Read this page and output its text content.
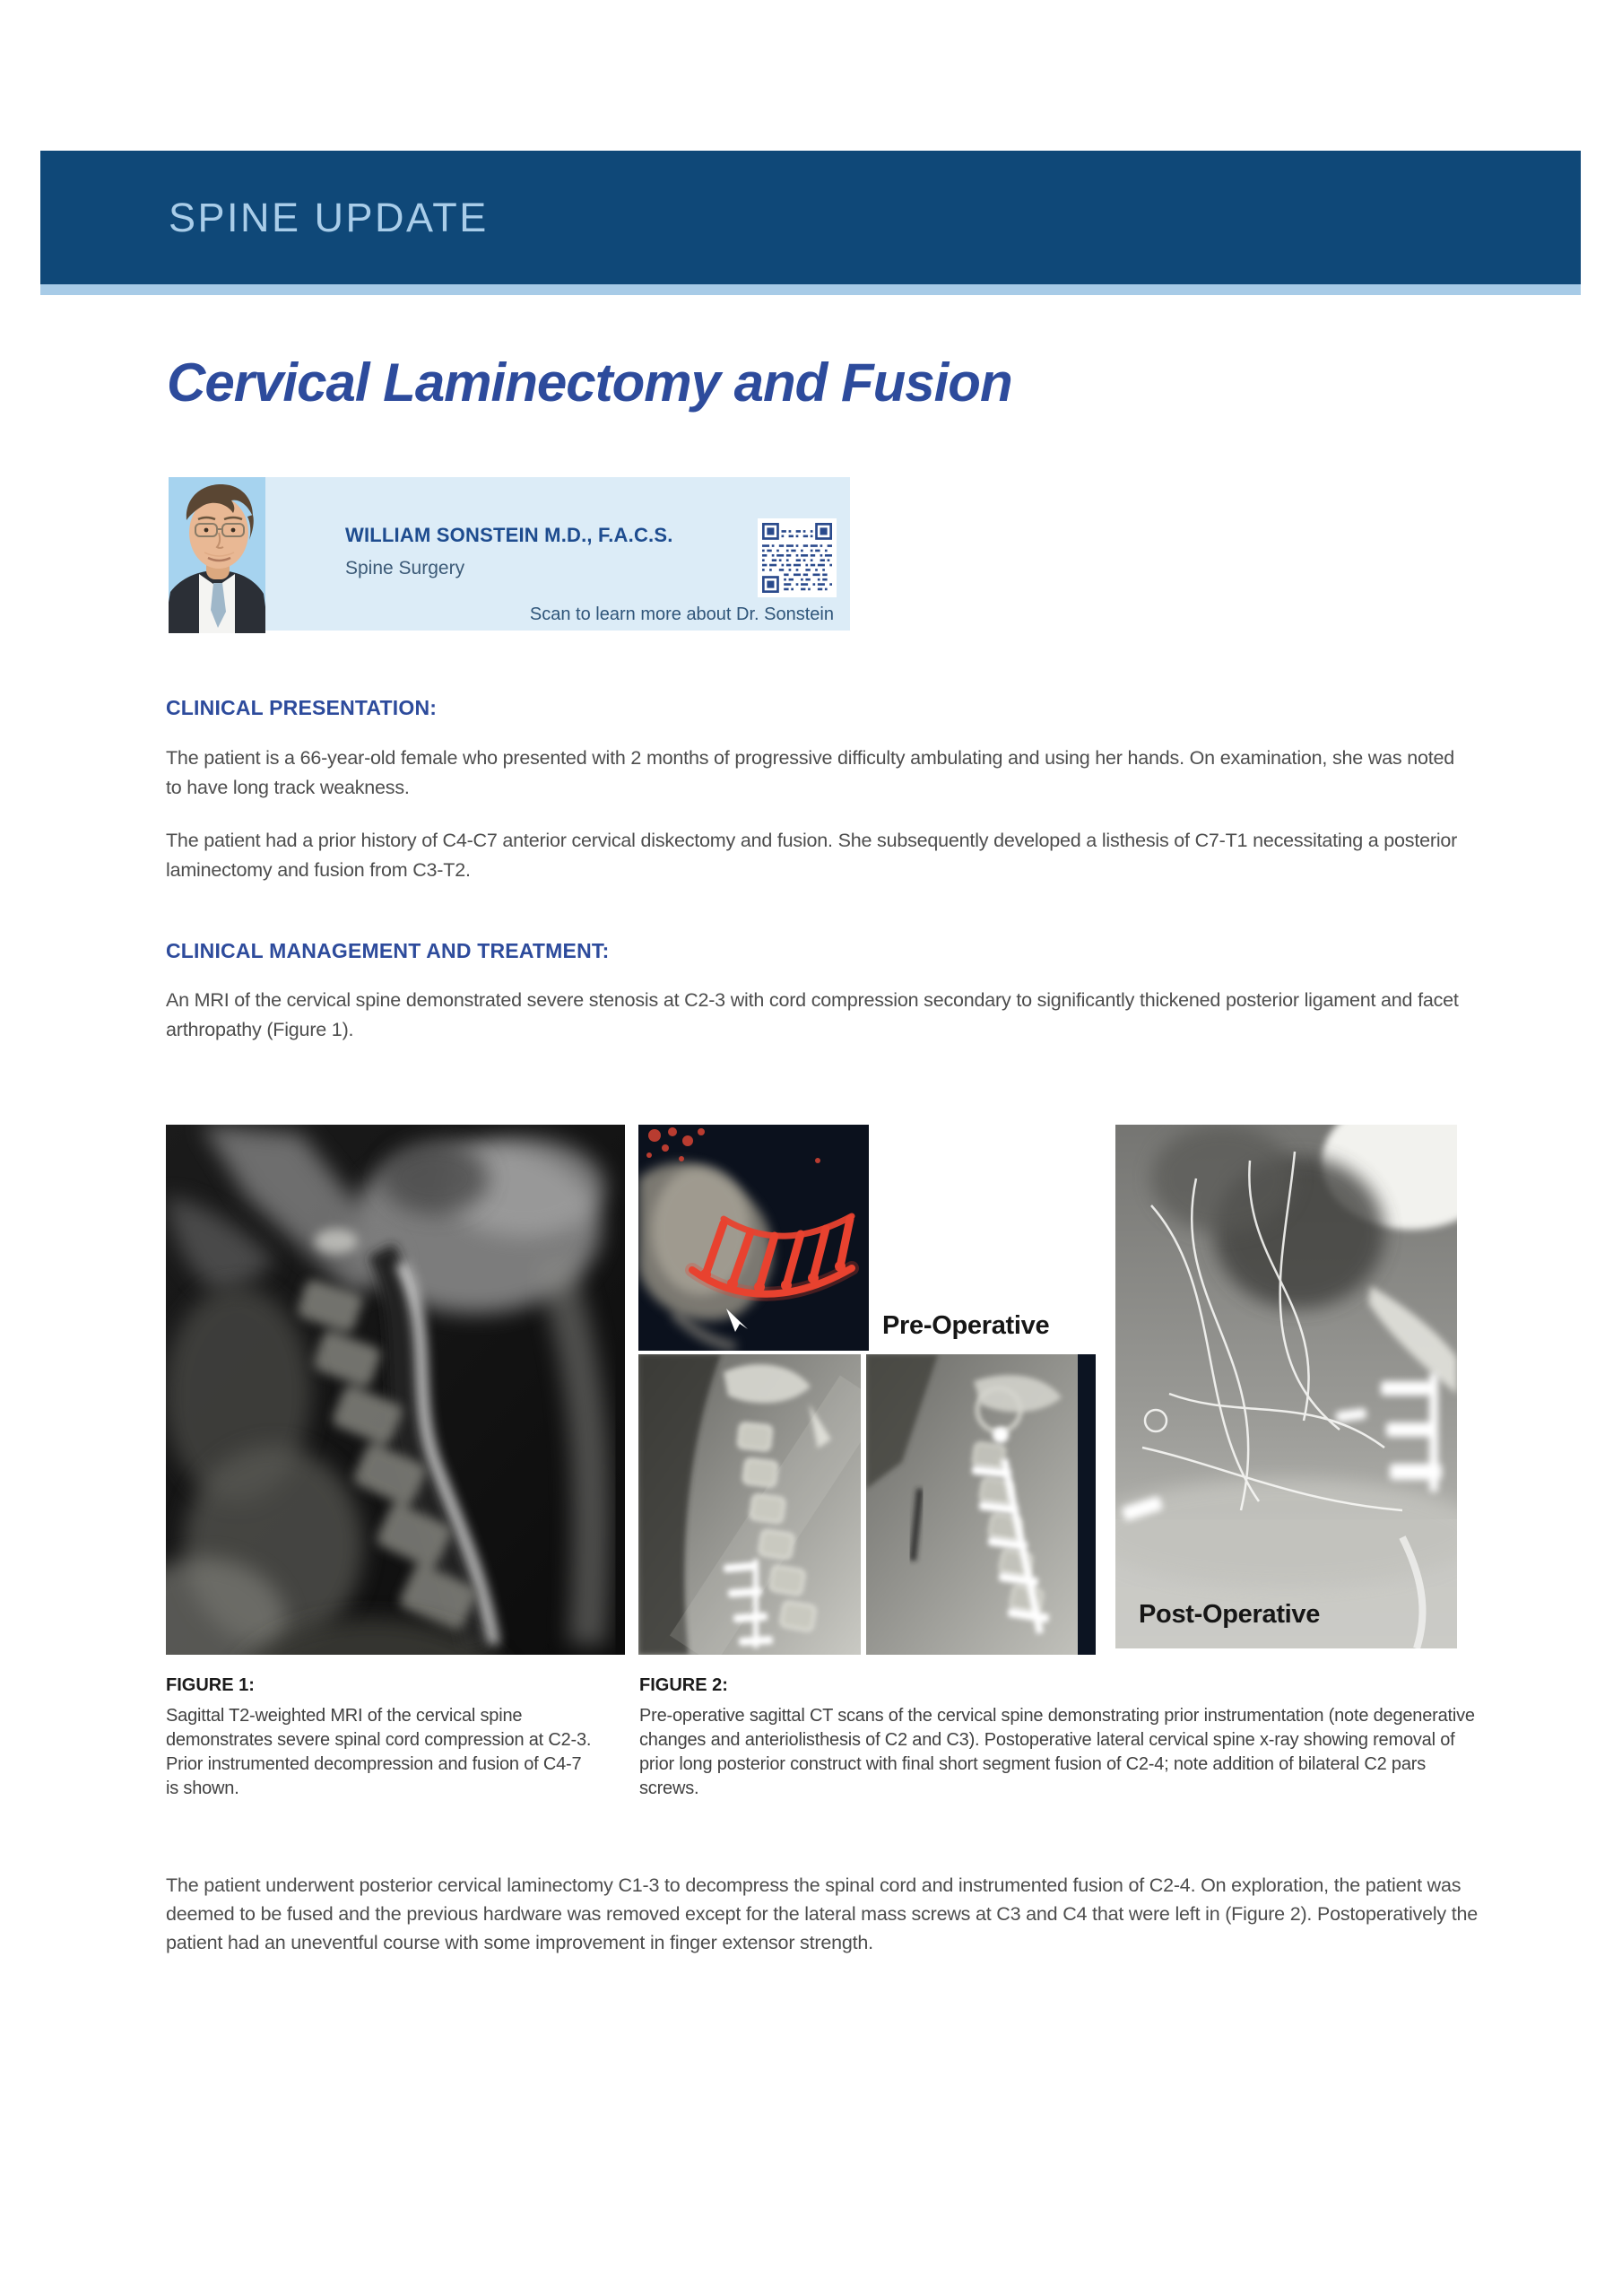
SPINE UPDATE
Cervical Laminectomy and Fusion
WILLIAM SONSTEIN M.D., F.A.C.S.
Spine Surgery
Scan to learn more about Dr. Sonstein
CLINICAL PRESENTATION:
The patient is a 66-year-old female who presented with 2 months of progressive difficulty ambulating and using her hands. On examination, she was noted to have long track weakness.
The patient had a prior history of C4-C7 anterior cervical diskectomy and fusion. She subsequently developed a listhesis of C7-T1 necessitating a posterior laminectomy and fusion from C3-T2.
CLINICAL MANAGEMENT AND TREATMENT:
An MRI of the cervical spine demonstrated severe stenosis at C2-3 with cord compression secondary to significantly thickened posterior ligament and facet arthropathy (Figure 1).
Pre-Operative
Post-Operative
FIGURE 1:
Sagittal T2-weighted MRI of the cervical spine demonstrates severe spinal cord compression at C2-3. Prior instrumented decompression and fusion of C4-7 is shown.
FIGURE 2:
Pre-operative sagittal CT scans of the cervical spine demonstrating prior instrumentation (note degenerative changes and anteriolisthesis of C2 and C3). Postoperative lateral cervical spine x-ray showing removal of prior long posterior construct with final short segment fusion of C2-4; note addition of bilateral C2 pars screws.
The patient underwent posterior cervical laminectomy C1-3 to decompress the spinal cord and instrumented fusion of C2-4. On exploration, the patient was deemed to be fused and the previous hardware was removed except for the lateral mass screws at C3 and C4 that were left in (Figure 2). Postoperatively the patient had an uneventful course with some improvement in finger extensor strength.
